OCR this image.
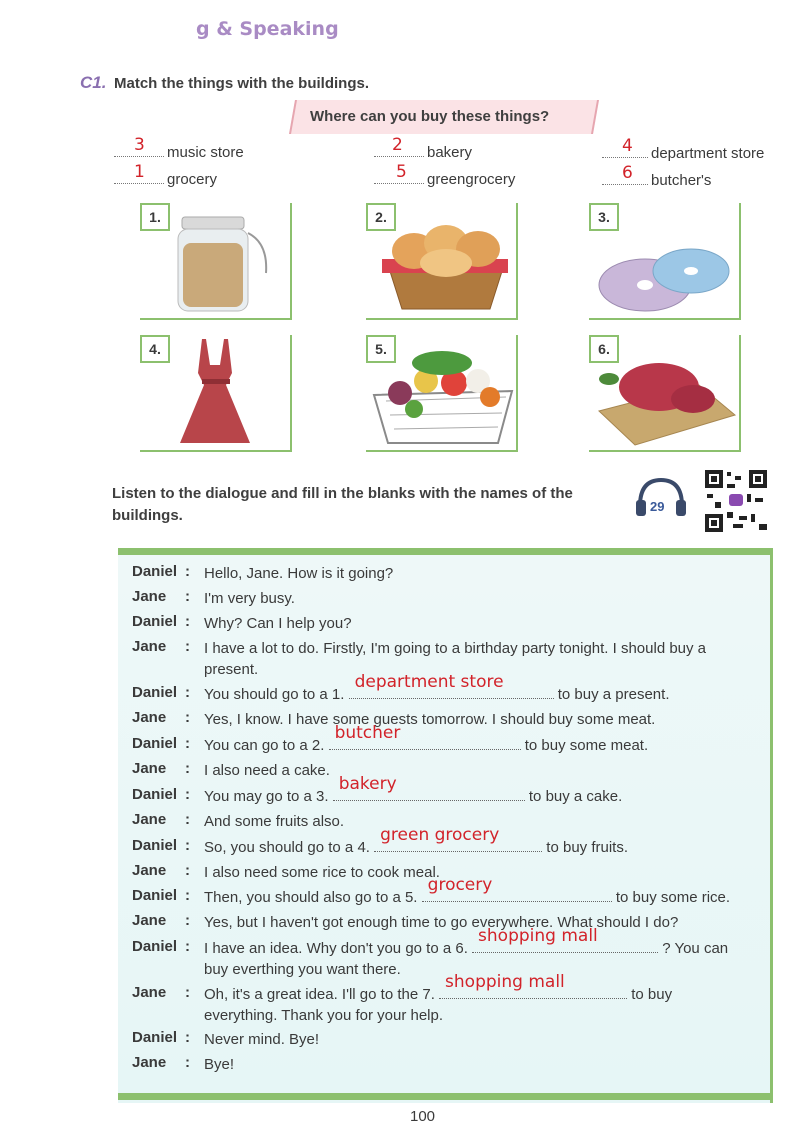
g & Speaking
C1. Match the things with the buildings.
Where can you buy these things?
3 music store	2 bakery	4 department store
1 grocery	5 greengrocery	6 butcher's
1.	2.	3.
4.	5.	6.
Listen to the dialogue and fill in the blanks with the names of the
buildings.
29
Daniel : Hello, Jane. How is it going?
Jane	: I'm very busy.
Daniel : Why? Can I help you?
Jane	: I have a lot to do. Firstly, I'm going to a birthday party tonight. I should buy a present.
Daniel : You should go to a 1.
department store
to buy a present.
Jane	: Yes, I know. I have some guests tomorrow. I should buy some meat.
Daniel : You can go to a 2.
butcher
to buy some meat.
Jane	: I also need a cake.
Daniel : You may go to a 3.
bakery
to buy a cake.
Jane	: And some fruits also.
Daniel : So, you should go to a 4.
green grocery
to buy fruits.
Jane	: I also need some rice to cook meal.
Daniel : Then, you should also go to a 5.
grocery
to buy some rice.
Jane	: Yes, but I haven't got enough time to go everywhere. What should I do?
Daniel : I have an idea. Why don't you go to a 6.
shopping mall
? You can buy everthing you want there.
Jane	: Oh, it's a great idea. I'll go to the 7.
shopping mall
to buy everything. Thank you for your help.
Daniel : Never mind. Bye!
Jane	: Bye!
100
